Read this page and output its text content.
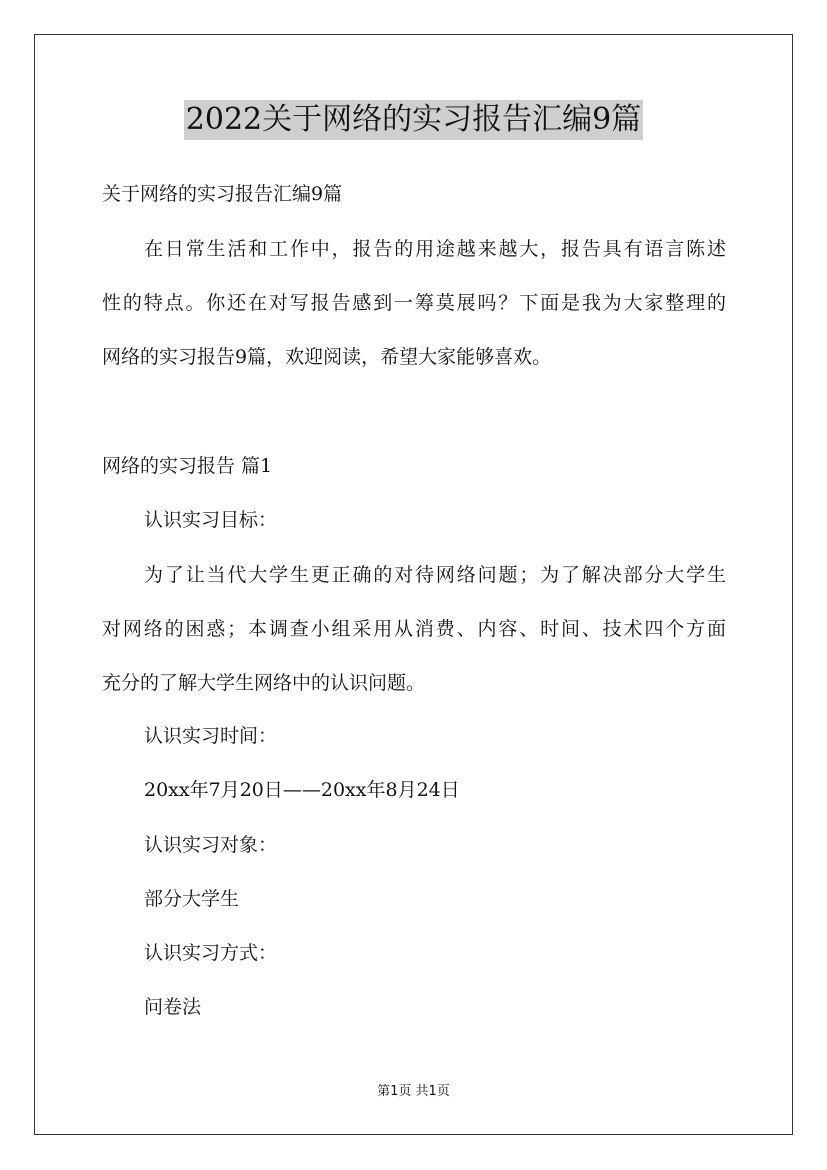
2022关于网络的实习报告汇编9篇
关于网络的实习报告汇编9篇
在日常生活和工作中，报告的用途越来越大，报告具有语言陈述
性的特点。你还在对写报告感到一筹莫展吗？下面是我为大家整理的
网络的实习报告9篇，欢迎阅读，希望大家能够喜欢。
网络的实习报告 篇1
认识实习目标：
为了让当代大学生更正确的对待网络问题；为了解决部分大学生
对网络的困惑；本调查小组采用从消费、内容、时间、技术四个方面
充分的了解大学生网络中的认识问题。
认识实习时间：
20xx年7月20日——20xx年8月24日
认识实习对象：
部分大学生
认识实习方式：
问卷法
第1页 共1页
